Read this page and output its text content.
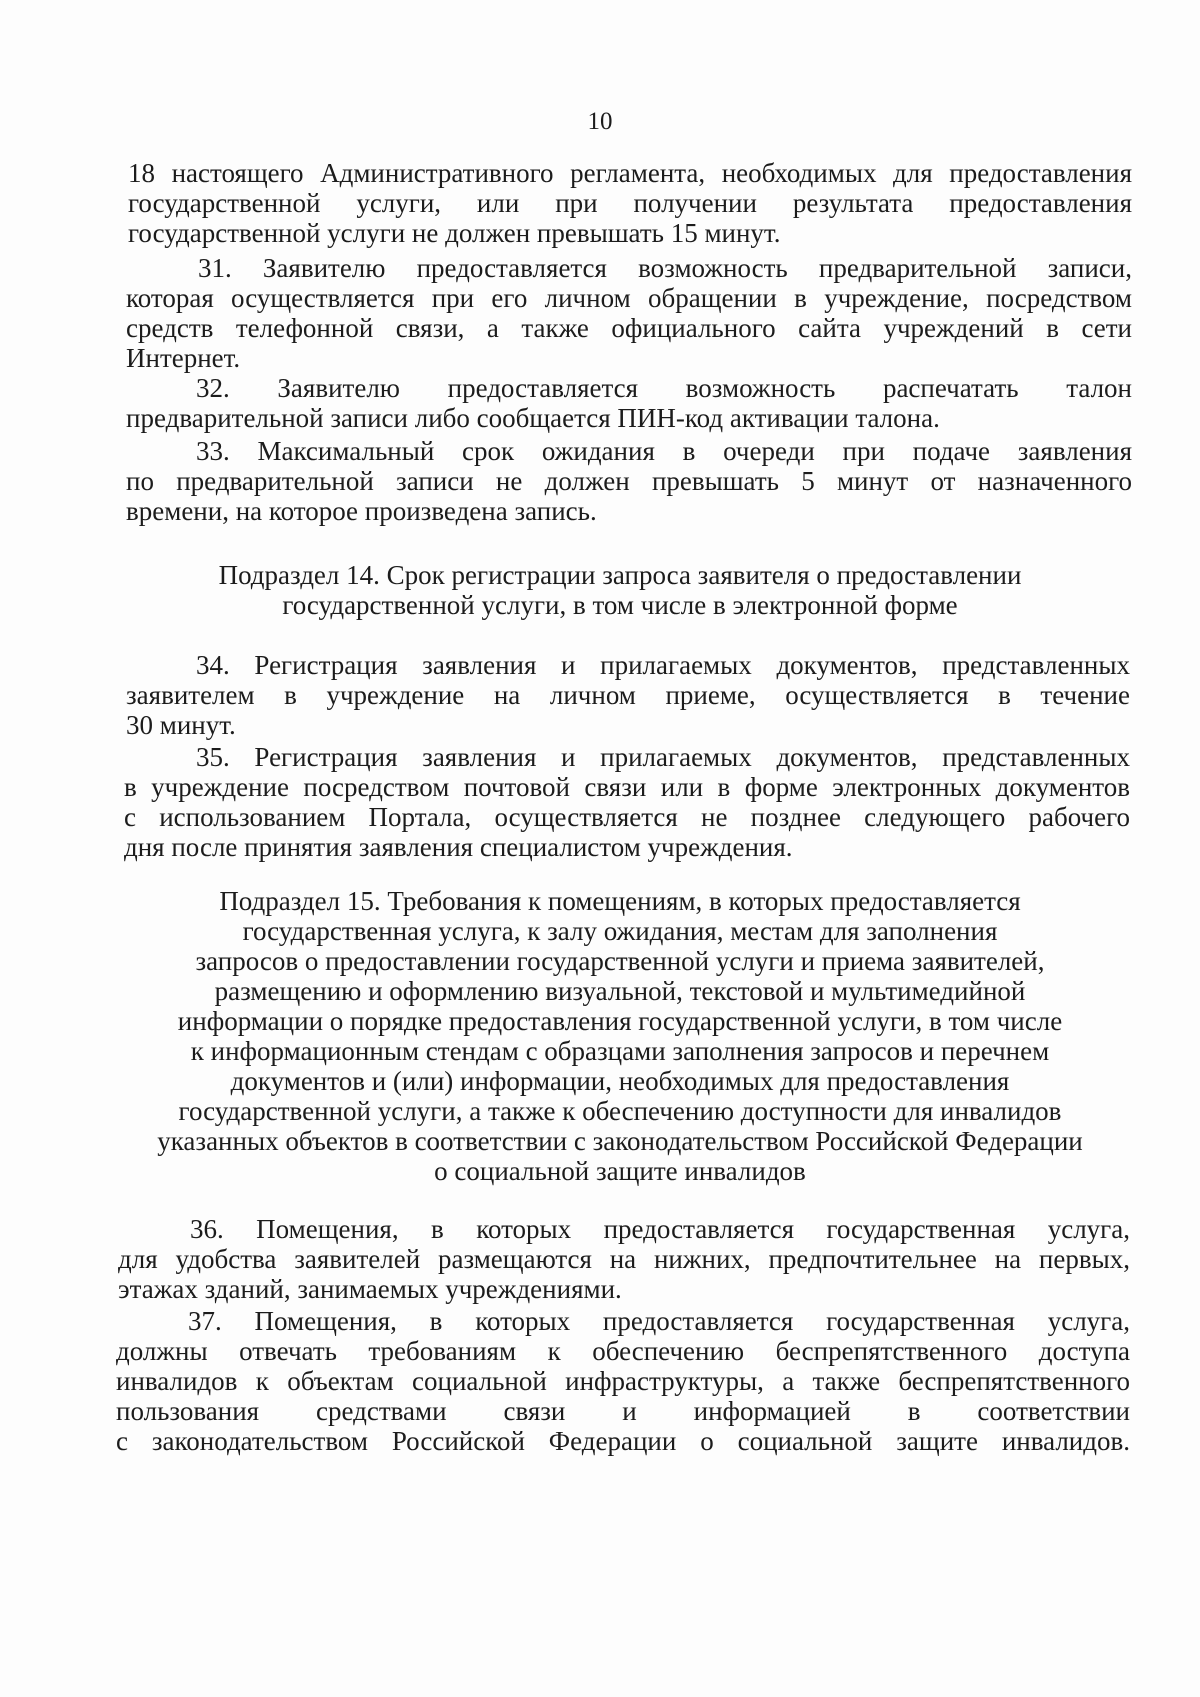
10
18 настоящего Административного регламента, необходимых для предоставления
государственной услуги, или при получении результата предоставления
государственной услуги не должен превышать 15 минут.
31. Заявителю предоставляется возможность предварительной записи,
которая осуществляется при его личном обращении в учреждение, посредством
средств телефонной связи, а также официального сайта учреждений в сети
Интернет.
32. Заявителю предоставляется возможность распечатать талон
предварительной записи либо сообщается ПИН-код активации талона.
33. Максимальный срок ожидания в очереди при подаче заявления
по предварительной записи не должен превышать 5 минут от назначенного
времени, на которое произведена запись.
Подраздел 14. Срок регистрации запроса заявителя о предоставлении
государственной услуги, в том числе в электронной форме
34. Регистрация заявления и прилагаемых документов, представленных
заявителем в учреждение на личном приеме, осуществляется в течение
30 минут.
35. Регистрация заявления и прилагаемых документов, представленных
в учреждение посредством почтовой связи или в форме электронных документов
с использованием Портала, осуществляется не позднее следующего рабочего
дня после принятия заявления специалистом учреждения.
Подраздел 15. Требования к помещениям, в которых предоставляется
государственная услуга, к залу ожидания, местам для заполнения
запросов о предоставлении государственной услуги и приема заявителей,
размещению и оформлению визуальной, текстовой и мультимедийной
информации о порядке предоставления государственной услуги, в том числе
к информационным стендам с образцами заполнения запросов и перечнем
документов и (или) информации, необходимых для предоставления
государственной услуги, а также к обеспечению доступности для инвалидов
указанных объектов в соответствии с законодательством Российской Федерации
о социальной защите инвалидов
36. Помещения, в которых предоставляется государственная услуга,
для удобства заявителей размещаются на нижних, предпочтительнее на первых,
этажах зданий, занимаемых учреждениями.
37. Помещения, в которых предоставляется государственная услуга,
должны отвечать требованиям к обеспечению беспрепятственного доступа
инвалидов к объектам социальной инфраструктуры, а также беспрепятственного
пользования средствами связи и информацией в соответствии
с законодательством Российской Федерации о социальной защите инвалидов.
